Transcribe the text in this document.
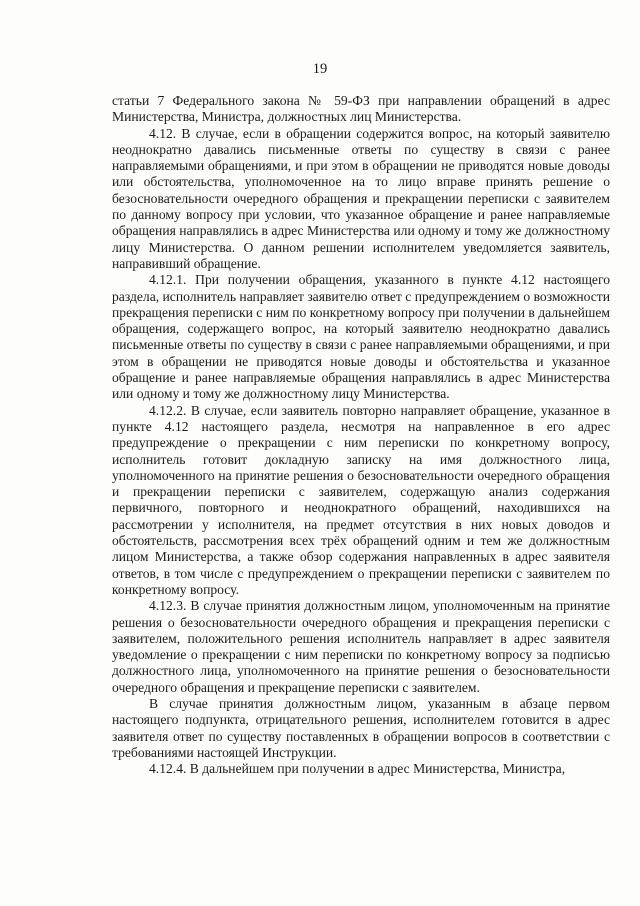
19

статьи 7 Федерального закона № 59-ФЗ при направлении обращений в адрес Министерства, Министра, должностных лиц Министерства.

4.12. В случае, если в обращении содержится вопрос, на который заявителю неоднократно давались письменные ответы по существу в связи с ранее направляемыми обращениями, и при этом в обращении не приводятся новые доводы или обстоятельства, уполномоченное на то лицо вправе принять решение о безосновательности очередного обращения и прекращении переписки с заявителем по данному вопросу при условии, что указанное обращение и ранее направляемые обращения направлялись в адрес Министерства или одному и тому же должностному лицу Министерства. О данном решении исполнителем уведомляется заявитель, направивший обращение.

4.12.1. При получении обращения, указанного в пункте 4.12 настоящего раздела, исполнитель направляет заявителю ответ с предупреждением о возможности прекращения переписки с ним по конкретному вопросу при получении в дальнейшем обращения, содержащего вопрос, на который заявителю неоднократно давались письменные ответы по существу в связи с ранее направляемыми обращениями, и при этом в обращении не приводятся новые доводы и обстоятельства и указанное обращение и ранее направляемые обращения направлялись в адрес Министерства или одному и тому же должностному лицу Министерства.

4.12.2. В случае, если заявитель повторно направляет обращение, указанное в пункте 4.12 настоящего раздела, несмотря на направленное в его адрес предупреждение о прекращении с ним переписки по конкретному вопросу, исполнитель готовит докладную записку на имя должностного лица, уполномоченного на принятие решения о безосновательности очередного обращения и прекращении переписки с заявителем, содержащую анализ содержания первичного, повторного и неоднократного обращений, находившихся на рассмотрении у исполнителя, на предмет отсутствия в них новых доводов и обстоятельств, рассмотрения всех трёх обращений одним и тем же должностным лицом Министерства, а также обзор содержания направленных в адрес заявителя ответов, в том числе с предупреждением о прекращении переписки с заявителем по конкретному вопросу.

4.12.3. В случае принятия должностным лицом, уполномоченным на принятие решения о безосновательности очередного обращения и прекращения переписки с заявителем, положительного решения исполнитель направляет в адрес заявителя уведомление о прекращении с ним переписки по конкретному вопросу за подписью должностного лица, уполномоченного на принятие решения о безосновательности очередного обращения и прекращение переписки с заявителем.

В случае принятия должностным лицом, указанным в абзаце первом настоящего подпункта, отрицательного решения, исполнителем готовится в адрес заявителя ответ по существу поставленных в обращении вопросов в соответствии с требованиями настоящей Инструкции.

4.12.4. В дальнейшем при получении в адрес Министерства, Министра,
